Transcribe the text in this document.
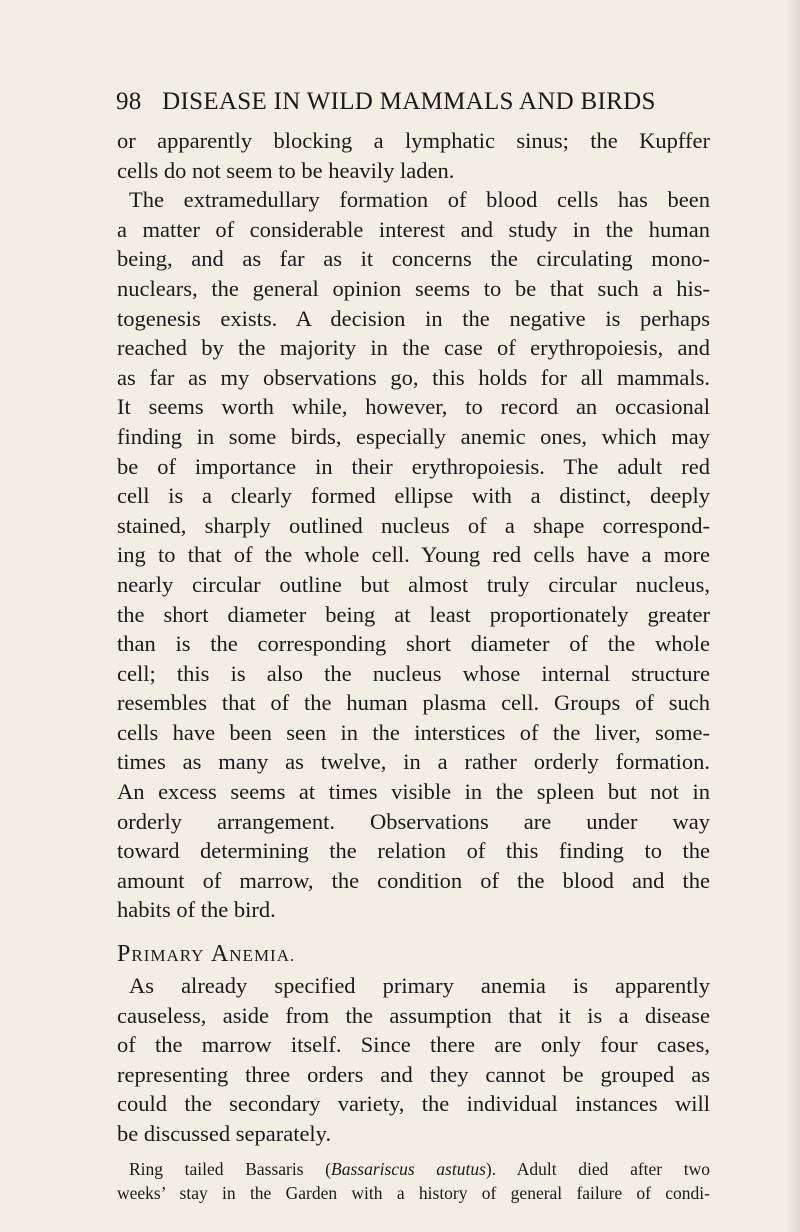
98 DISEASE IN WILD MAMMALS AND BIRDS
or apparently blocking a lymphatic sinus; the Kupffer
cells do not seem to be heavily laden.
The extramedullary formation of blood cells has been
a matter of considerable interest and study in the human
being, and as far as it concerns the circulating mono-
nuclears, the general opinion seems to be that such a his-
togenesis exists. A decision in the negative is perhaps
reached by the majority in the case of erythropoiesis, and
as far as my observations go, this holds for all mammals.
It seems worth while, however, to record an occasional
finding in some birds, especially anemic ones, which may
be of importance in their erythropoiesis. The adult red
cell is a clearly formed ellipse with a distinct, deeply
stained, sharply outlined nucleus of a shape correspond-
ing to that of the whole cell. Young red cells have a more
nearly circular outline but almost truly circular nucleus,
the short diameter being at least proportionately greater
than is the corresponding short diameter of the whole
cell; this is also the nucleus whose internal structure
resembles that of the human plasma cell. Groups of such
cells have been seen in the interstices of the liver, some-
times as many as twelve, in a rather orderly formation.
An excess seems at times visible in the spleen but not in
orderly arrangement. Observations are under way
toward determining the relation of this finding to the
amount of marrow, the condition of the blood and the
habits of the bird.
PRIMARY ANEMIA.
As already specified primary anemia is apparently
causeless, aside from the assumption that it is a disease
of the marrow itself. Since there are only four cases,
representing three orders and they cannot be grouped as
could the secondary variety, the individual instances will
be discussed separately.
Ring tailed Bassaris (Bassariscus astutus). Adult died after two
weeks’ stay in the Garden with a history of general failure of condi-
